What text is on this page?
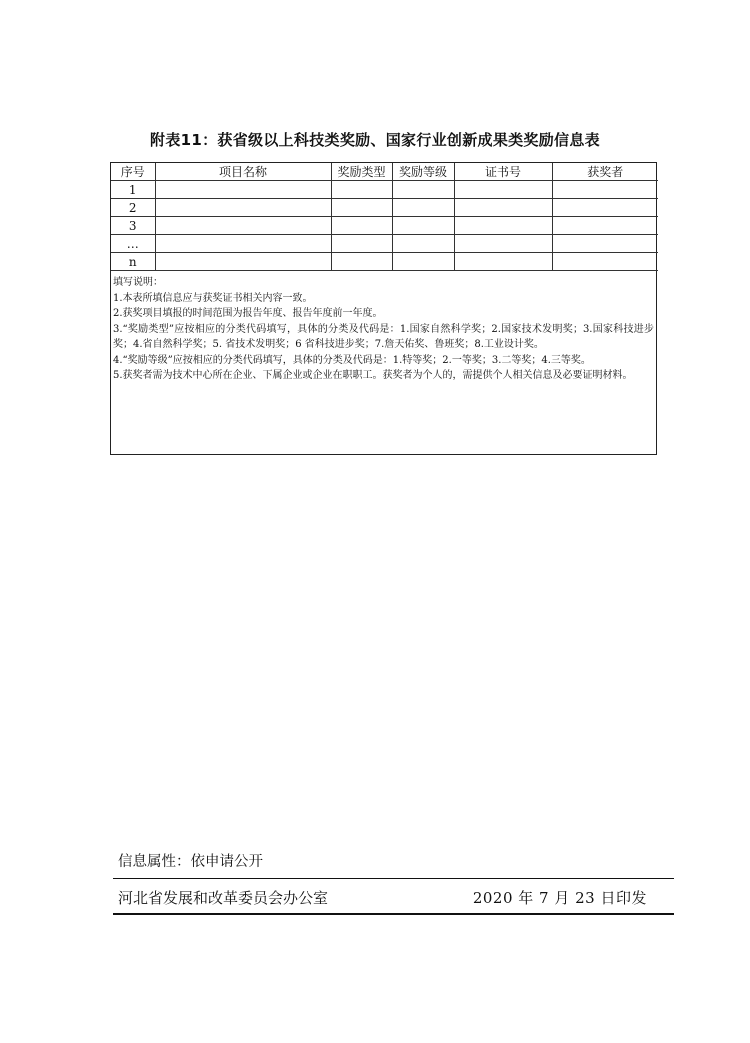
附表11：获省级以上科技类奖励、国家行业创新成果类奖励信息表
序号	项目名称	奖励类型	奖励等级	证书号	获奖者
1					
2					
3					
…					
n					

填写说明：

1.本表所填信息应与获奖证书相关内容一致。

2.获奖项目填报的时间范围为报告年度、报告年度前一年度。

3.“奖励类型”应按相应的分类代码填写，具体的分类及代码是：1.国家自然科学奖；2.国家技术发明奖；3.国家科技进步奖；4.省自然科学奖；5. 省技术发明奖；6 省科技进步奖；7.詹天佑奖、鲁班奖；8.工业设计奖。

4.“奖励等级”应按相应的分类代码填写，具体的分类及代码是：1.特等奖；2.一等奖；3.二等奖；4.三等奖。

5.获奖者需为技术中心所在企业、下属企业或企业在职职工。获奖者为个人的，需提供个人相关信息及必要证明材料。

信息属性：依申请公开
河北省发展和改革委员会办公室	2020 年 7 月 23 日印发
